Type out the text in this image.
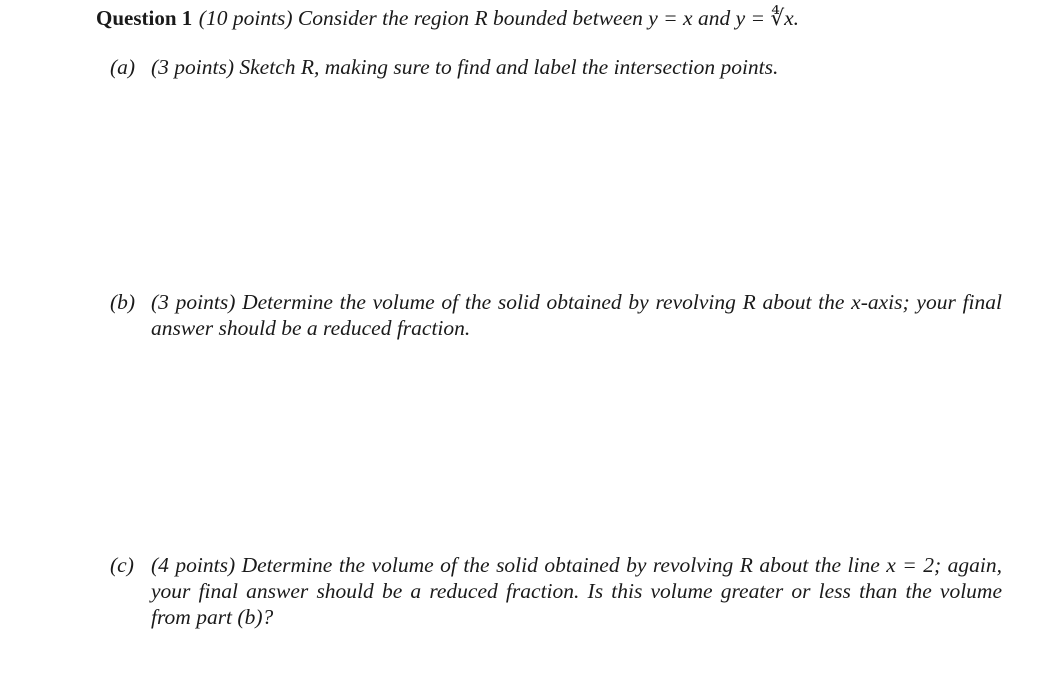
Question 1 (10 points) Consider the region R bounded between y = x and y = ∜x.
(a) (3 points) Sketch R, making sure to find and label the intersection points.
(b) (3 points) Determine the volume of the solid obtained by revolving R about the x-axis; your final answer should be a reduced fraction.
(c) (4 points) Determine the volume of the solid obtained by revolving R about the line x = 2; again, your final answer should be a reduced fraction. Is this volume greater or less than the volume from part (b)?
